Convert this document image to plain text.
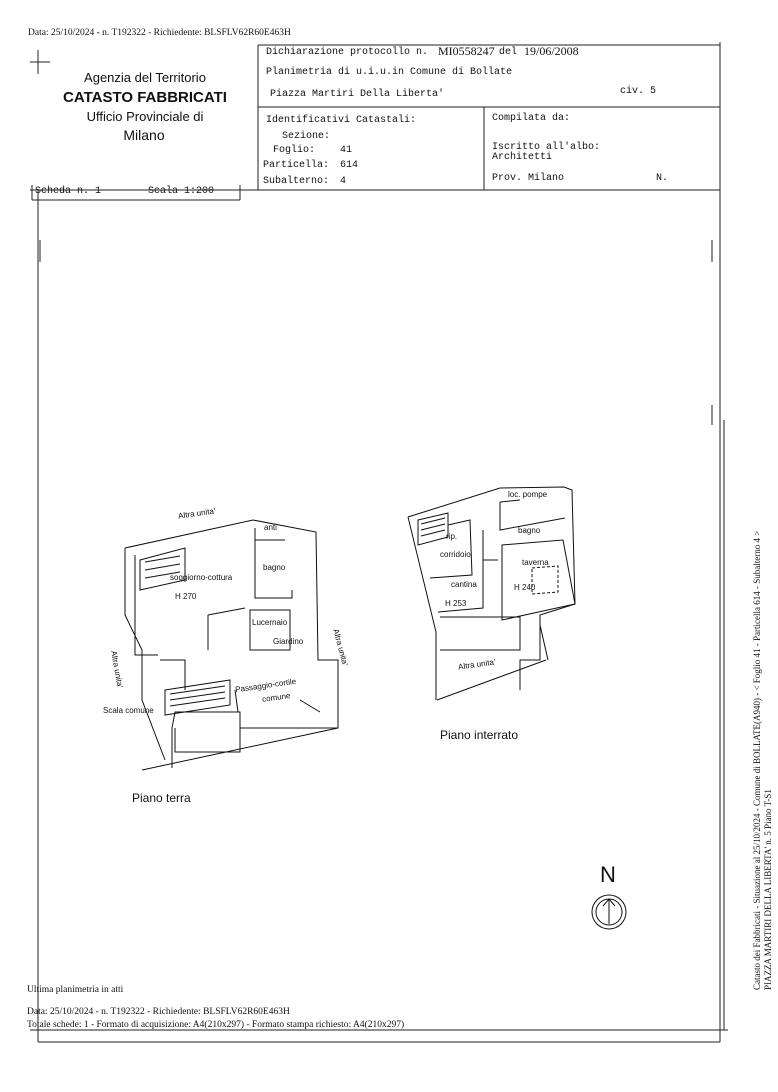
Data: 25/10/2024 - n. T192322 - Richiedente: BLSFLV62R60E463H
Agenzia del Territorio
CATASTO FABBRICATI
Ufficio Provinciale di
Milano
Dichiarazione protocollo n. MI0558247 del 19/06/2008
Planimetria di u.i.u.in Comune di Bollate
Piazza Martiri Della Liberta'	civ. 5
Identificativi Catastali:
Sezione:
Foglio: 41
Particella: 614
Subalterno: 4
Compilata da:
Iscritto all'albo:
Architetti
Prov. Milano	N.
Scheda n. 1	Scala 1:200
Altra unita'
anti
bagno
soggiorno-cottura
H 270
Lucernaio
Giardino
Altra unita'
Altra unita'
Passaggio-cortile
comune
Scala comune
Piano terra
loc. pompe
bagno
rip.
corridoio
taverna
cantina	H 240
H 253
Altra unita'
Piano interrato
N
Ultima planimetria in atti
Data: 25/10/2024 - n. T192322 - Richiedente: BLSFLV62R60E463H
Totale schede: 1 - Formato di acquisizione: A4(210x297) - Formato stampa richiesto: A4(210x297)
Catasto dei Fabbricati - Situazione al 25/10/2024 - Comune di BOLLATE(A940) - < Foglio 41 - Particella 614 - Subalterno 4 > PIAZZA MARTIRI DELLA LIBERTA' n. 5 Piano T-S1
